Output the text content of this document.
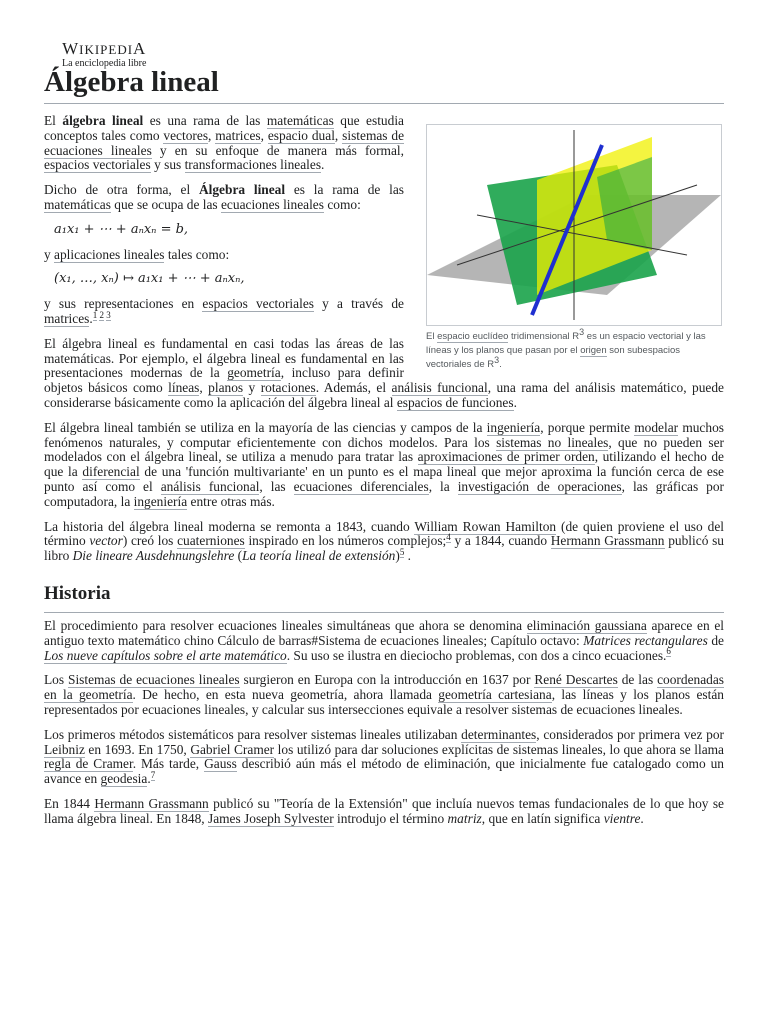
WIKIPEDIA
La enciclopedia libre
Álgebra lineal
El espacio euclídeo tridimensional $R^3$ es un espacio vectorial y las líneas y los planos que pasan por el origen son subespacios vectoriales de $R^3$.

El álgebra lineal es una rama de las matemáticas que estudia conceptos tales como vectores, matrices, espacio dual, sistemas de ecuaciones lineales y en su enfoque de manera más formal, espacios vectoriales y sus transformaciones lineales.

Dicho de otra forma, el Álgebra lineal es la rama de las matemáticas que se ocupa de las ecuaciones lineales como:

a₁x₁ + ⋯ + aₙxₙ = b,

y aplicaciones lineales tales como:

(x₁, …, xₙ) ↦ a₁x₁ + ⋯ + aₙxₙ,

y sus representaciones en espacios vectoriales y a través de matrices.$^{1 2 3}$

El álgebra lineal es fundamental en casi todas las áreas de las matemáticas. Por ejemplo, el álgebra lineal es fundamental en las presentaciones modernas de la geometría, incluso para definir objetos básicos como líneas, planos y rotaciones. Además, el análisis funcional, una rama del análisis matemático, puede considerarse básicamente como la aplicación del álgebra lineal al espacios de funciones.

El álgebra lineal también se utiliza en la mayoría de las ciencias y campos de la ingeniería, porque permite modelar muchos fenómenos naturales, y computar eficientemente con dichos modelos. Para los sistemas no lineales, que no pueden ser modelados con el álgebra lineal, se utiliza a menudo para tratar las aproximaciones de primer orden, utilizando el hecho de que la diferencial de una 'función multivariante' en un punto es el mapa lineal que mejor aproxima la función cerca de ese punto así como el análisis funcional, las ecuaciones diferenciales, la investigación de operaciones, las gráficas por computadora, la ingeniería entre otras más.

La historia del álgebra lineal moderna se remonta a 1843, cuando William Rowan Hamilton (de quien proviene el uso del término vector) creó los cuaterniones inspirado en los números complejos;$^4$ y a 1844, cuando Hermann Grassmann publicó su libro Die lineare Ausdehnungslehre (La teoría lineal de extensión)$^5$ .

Historia

El procedimiento para resolver ecuaciones lineales simultáneas que ahora se denomina eliminación gaussiana aparece en el antiguo texto matemático chino Cálculo de barras#Sistema de ecuaciones lineales; Capítulo octavo: Matrices rectangulares de Los nueve capítulos sobre el arte matemático. Su uso se ilustra en dieciocho problemas, con dos a cinco ecuaciones.$^6$

Los Sistemas de ecuaciones lineales surgieron en Europa con la introducción en 1637 por René Descartes de las coordenadas en la geometría. De hecho, en esta nueva geometría, ahora llamada geometría cartesiana, las líneas y los planos están representados por ecuaciones lineales, y calcular sus intersecciones equivale a resolver sistemas de ecuaciones lineales.

Los primeros métodos sistemáticos para resolver sistemas lineales utilizaban determinantes, considerados por primera vez por Leibniz en 1693. En 1750, Gabriel Cramer los utilizó para dar soluciones explícitas de sistemas lineales, lo que ahora se llama regla de Cramer. Más tarde, Gauss describió aún más el método de eliminación, que inicialmente fue catalogado como un avance en geodesia.$^7$

En 1844 Hermann Grassmann publicó su "Teoría de la Extensión" que incluía nuevos temas fundacionales de lo que hoy se llama álgebra lineal. En 1848, James Joseph Sylvester introdujo el término matriz, que en latín significa vientre.
